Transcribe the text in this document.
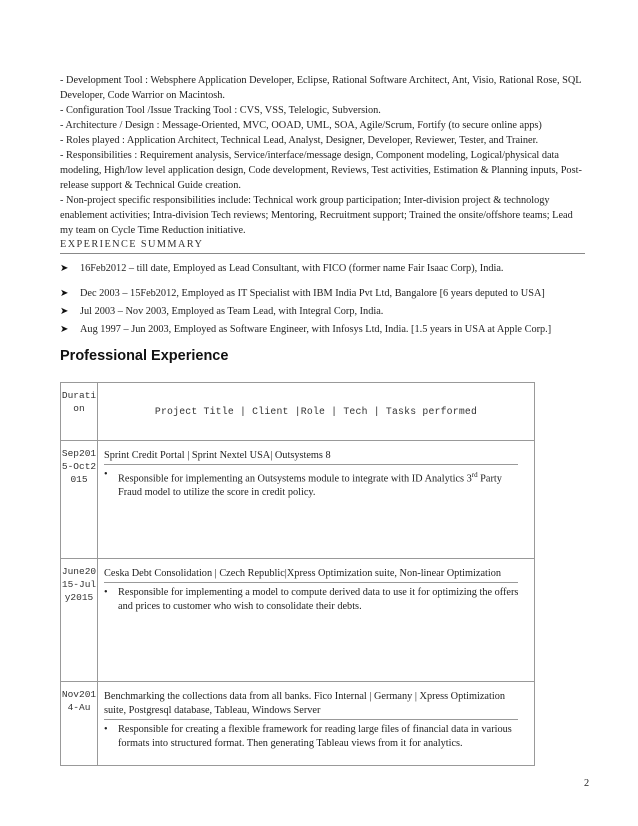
- Development Tool : Websphere Application Developer, Eclipse, Rational Software Architect, Ant, Visio, Rational Rose, SQL Developer, Code Warrior on Macintosh.

- Configuration Tool /Issue Tracking Tool : CVS, VSS, Telelogic, Subversion.

- Architecture / Design : Message-Oriented, MVC, OOAD, UML, SOA, Agile/Scrum, Fortify (to secure online apps)

- Roles played : Application Architect, Technical Lead, Analyst, Designer, Developer, Reviewer, Tester, and Trainer.

- Responsibilities : Requirement analysis, Service/interface/message design, Component modeling, Logical/physical data modeling, High/low level application design, Code development, Reviews, Test activities, Estimation & Planning inputs, Post-release support & Technical Guide creation.

- Non-project specific responsibilities include: Technical work group participation; Inter-division project & technology enablement activities; Intra-division Tech reviews; Mentoring, Recruitment support; Trained the onsite/offshore teams; Lead my team on Cycle Time Reduction initiative.

EXPERIENCE SUMMARY
➤	16Feb2012 – till date, Employed as Lead Consultant, with FICO (former name Fair Isaac Corp), India.
➤	Dec 2003 – 15Feb2012, Employed as IT Specialist with IBM India Pvt Ltd, Bangalore [6 years deputed to USA]
➤	Jul 2003 – Nov 2003, Employed as Team Lead, with Integral Corp, India.
➤	Aug 1997 – Jun 2003, Employed as Software Engineer, with Infosys Ltd, India. [1.5 years in USA at Apple Corp.]
Professional Experience
Duration	Project Title | Client |Role | Tech | Tasks performed

Sep2015-Oct2015	Sprint Credit Portal | Sprint Nextel USA| Outsystems 8
• Responsible for implementing an Outsystems module to integrate with ID Analytics 3rd Party Fraud model to utilize the score in credit policy.

June2015-July2015	Ceska Debt Consolidation | Czech Republic|Xpress Optimization suite, Non-linear Optimization
• Responsible for implementing a model to compute derived data to use it for optimizing the offers and prices to customer who wish to consolidate their debts.

Nov2014-Au	Benchmarking the collections data from all banks. Fico Internal | Germany | Xpress Optimization suite, Postgresql database, Tableau, Windows Server
• Responsible for creating a flexible framework for reading large files of financial data in various formats into structured format. Then generating Tableau views from it for analytics.
2
